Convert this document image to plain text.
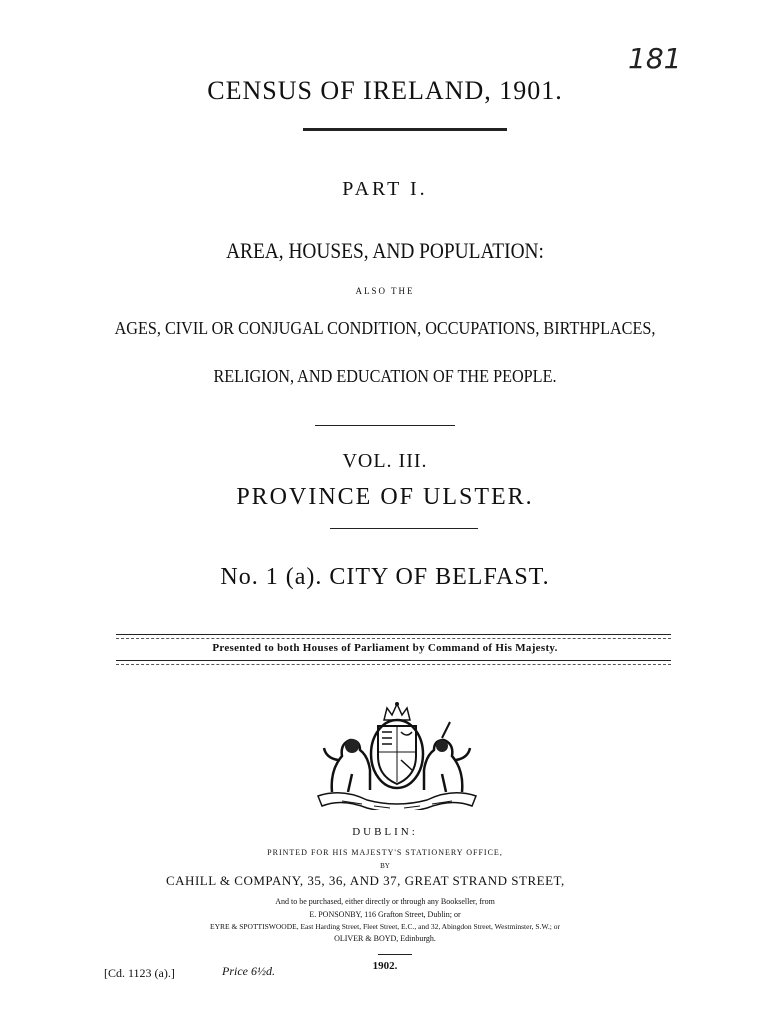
181
CENSUS OF IRELAND, 1901.
PART I.
AREA, HOUSES, AND POPULATION:
ALSO THE
AGES, CIVIL OR CONJUGAL CONDITION, OCCUPATIONS, BIRTHPLACES,
RELIGION, AND EDUCATION OF THE PEOPLE.
VOL. III.
PROVINCE OF ULSTER.
No. 1 (a). CITY OF BELFAST.
Presented to both Houses of Parliament by Command of His Majesty.
DUBLIN:
PRINTED FOR HIS MAJESTY'S STATIONERY OFFICE,
BY
CAHILL & COMPANY, 35, 36, AND 37, GREAT STRAND STREET,
And to be purchased, either directly or through any Bookseller, from
E. PONSONBY, 116 Grafton Street, Dublin; or
EYRE & SPOTTISWOODE, East Harding Street, Fleet Street, E.C., and 32, Abingdon Street, Westminster, S.W.; or
OLIVER & BOYD, Edinburgh.
1902.
[Cd. 1123 (a).]	Price 6½d.
